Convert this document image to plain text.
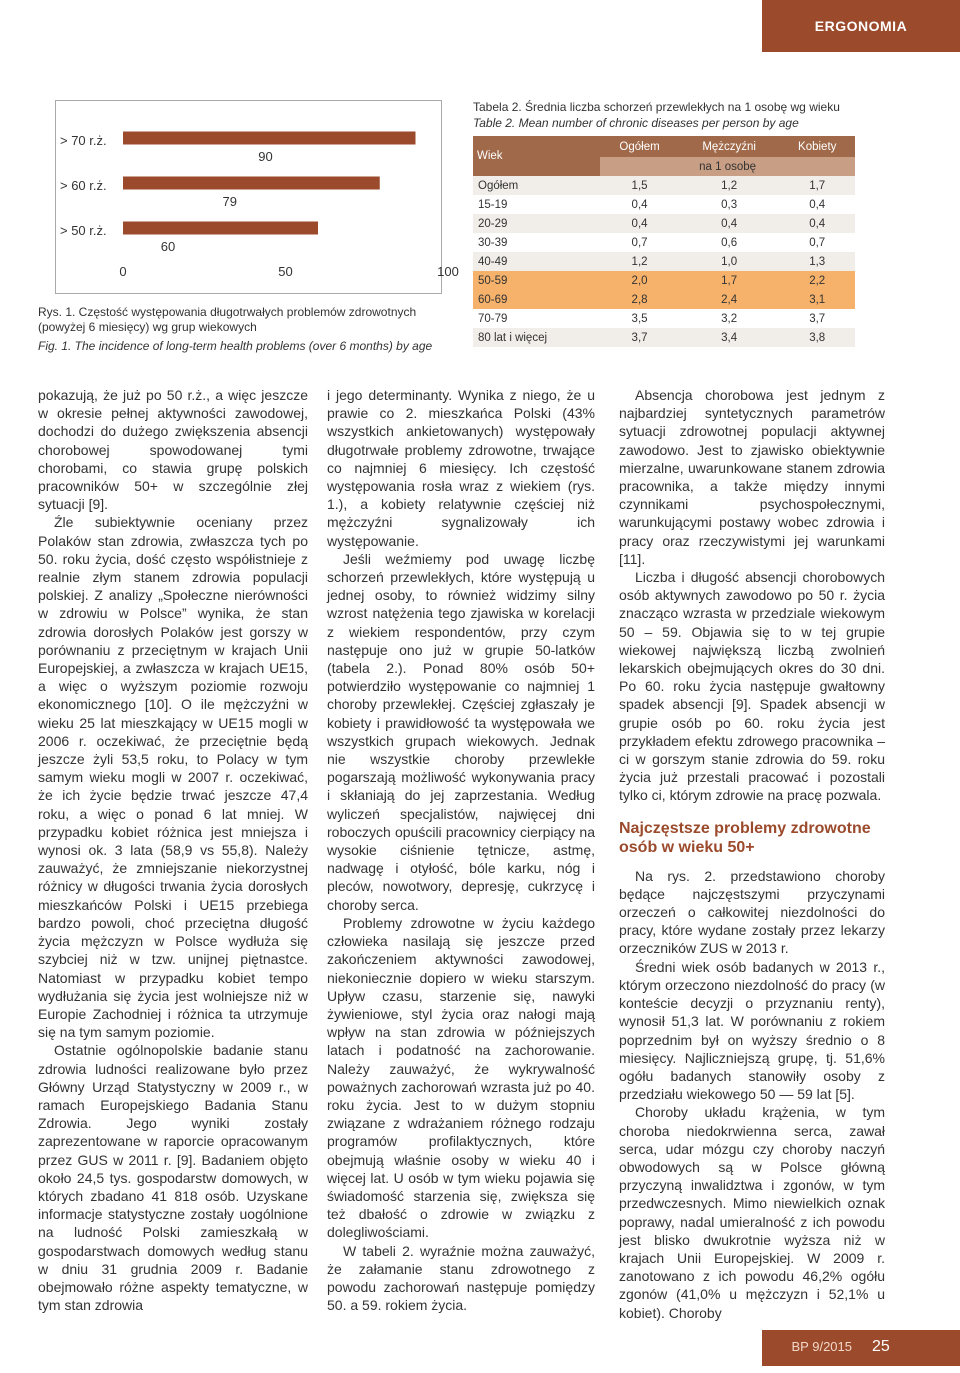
ERGONOMIA
> 70 r.ż.
90
> 60 r.ż.
79
> 50 r.ż.
60
0	50	100
Rys. 1. Częstość występowania długotrwałych problemów zdrowotnych (powyżej 6 miesięcy) wg grup wiekowych
Fig. 1. The incidence of long-term health problems (over 6 months) by age
Tabela 2. Średnia liczba schorzeń przewlekłych na 1 osobę wg wieku
Table 2. Mean number of chronic diseases per person by age
Wiek	Ogółem	Mężczyźni	Kobiety
	na 1 osobę		
Ogółem	1,5	1,2	1,7
15-19	0,4	0,3	0,4
20-29	0,4	0,4	0,4
30-39	0,7	0,6	0,7
40-49	1,2	1,0	1,3
50-59	2,0	1,7	2,2
60-69	2,8	2,4	3,1
70-79	3,5	3,2	3,7
80 lat i więcej	3,7	3,4	3,8

pokazują, że już po 50 r.ż., a więc jeszcze w okresie pełnej aktywności zawodowej, dochodzi do dużego zwiększenia absencji chorobowej spowodowanej tymi chorobami, co stawia grupę polskich pracowników 50+ w szczególnie złej sytuacji [9].

Źle subiektywnie oceniany przez Polaków stan zdrowia, zwłaszcza tych po 50. roku życia, dość często współistnieje z realnie złym stanem zdrowia populacji polskiej. Z analizy „Społeczne nierówności w zdrowiu w Polsce” wynika, że stan zdrowia dorosłych Polaków jest gorszy w porównaniu z przeciętnym w krajach Unii Europejskiej, a zwłaszcza w krajach UE15, a więc o wyższym poziomie rozwoju ekonomicznego [10]. O ile mężczyźni w wieku 25 lat mieszkający w UE15 mogli w 2006 r. oczekiwać, że przeciętnie będą jeszcze żyli 53,5 roku, to Polacy w tym samym wieku mogli w 2007 r. oczekiwać, że ich życie będzie trwać jeszcze 47,4 roku, a więc o ponad 6 lat mniej. W przypadku kobiet różnica jest mniejsza i wynosi ok. 3 lata (58,9 vs 55,8). Należy zauważyć, że zmniejszanie niekorzystnej różnicy w długości trwania życia dorosłych mieszkańców Polski i UE15 przebiega bardzo powoli, choć przeciętna długość życia mężczyzn w Polsce wydłuża się szybciej niż w tzw. unijnej piętnastce. Natomiast w przypadku kobiet tempo wydłużania się życia jest wolniejsze niż w Europie Zachodniej i różnica ta utrzymuje się na tym samym poziomie.

Ostatnie ogólnopolskie badanie stanu zdrowia ludności realizowane było przez Główny Urząd Statystyczny w 2009 r., w ramach Europejskiego Badania Stanu Zdrowia. Jego wyniki zostały zaprezentowane w raporcie opracowanym przez GUS w 2011 r. [9]. Badaniem objęto około 24,5 tys. gospodarstw domowych, w których zbadano 41 818 osób. Uzyskane informacje statystyczne zostały uogólnione na ludność Polski zamieszkałą w gospodarstwach domowych według stanu w dniu 31 grudnia 2009 r. Badanie obejmowało różne aspekty tematyczne, w tym stan zdrowia

i jego determinanty. Wynika z niego, że u prawie co 2. mieszkańca Polski (43% wszystkich ankietowanych) występowały długotrwałe problemy zdrowotne, trwające co najmniej 6 miesięcy. Ich częstość występowania rosła wraz z wiekiem (rys. 1.), a kobiety relatywnie częściej niż mężczyźni sygnalizowały ich występowanie.

Jeśli weźmiemy pod uwagę liczbę schorzeń przewlekłych, które występują u jednej osoby, to również widzimy silny wzrost natężenia tego zjawiska w korelacji z wiekiem respondentów, przy czym następuje ono już w grupie 50-latków (tabela 2.). Ponad 80% osób 50+ potwierdziło występowanie co najmniej 1 choroby przewlekłej. Częściej zgłaszały je kobiety i prawidłowość ta występowała we wszystkich grupach wiekowych. Jednak nie wszystkie choroby przewlekłe pogarszają możliwość wykonywania pracy i skłaniają do jej zaprzestania. Według wyliczeń specjalistów, najwięcej dni roboczych opuścili pracownicy cierpiący na wysokie ciśnienie tętnicze, astmę, nadwagę i otyłość, bóle karku, nóg i pleców, nowotwory, depresję, cukrzycę i choroby serca.

Problemy zdrowotne w życiu każdego człowieka nasilają się jeszcze przed zakończeniem aktywności zawodowej, niekoniecznie dopiero w wieku starszym. Upływ czasu, starzenie się, nawyki żywieniowe, styl życia oraz nałogi mają wpływ na stan zdrowia w późniejszych latach i podatność na zachorowanie. Należy zauważyć, że wykrywalność poważnych zachorowań wzrasta już po 40. roku życia. Jest to w dużym stopniu związane z wdrażaniem różnego rodzaju programów profilaktycznych, które obejmują właśnie osoby w wieku 40 i więcej lat. U osób w tym wieku pojawia się świadomość starzenia się, zwiększa się też dbałość o zdrowie w związku z dolegliwościami.

W tabeli 2. wyraźnie można zauważyć, że załamanie stanu zdrowotnego z powodu zachorowań następuje pomiędzy 50. a 59. rokiem życia.

Absencja chorobowa jest jednym z najbardziej syntetycznych parametrów sytuacji zdrowotnej populacji aktywnej zawodowo. Jest to zjawisko obiektywnie mierzalne, uwarunkowane stanem zdrowia pracownika, a także między innymi czynnikami psychospołecznymi, warunkującymi postawy wobec zdrowia i pracy oraz rzeczywistymi jej warunkami [11].

Liczba i długość absencji chorobowych osób aktywnych zawodowo po 50 r. życia znacząco wzrasta w przedziale wiekowym 50 – 59. Objawia się to w tej grupie wiekowej największą liczbą zwolnień lekarskich obejmujących okres do 30 dni. Po 60. roku życia następuje gwałtowny spadek absencji [9]. Spadek absencji w grupie osób po 60. roku życia jest przykładem efektu zdrowego pracownika – ci w gorszym stanie zdrowia do 59. roku życia już przestali pracować i pozostali tylko ci, którym zdrowie na pracę pozwala.

Najczęstsze problemy zdrowotne osób w wieku 50+

Na rys. 2. przedstawiono choroby będące najczęstszymi przyczynami orzeczeń o całkowitej niezdolności do pracy, które wydane zostały przez lekarzy orzeczników ZUS w 2013 r.

Średni wiek osób badanych w 2013 r., którym orzeczono niezdolność do pracy (w konteście decyzji o przyznaniu renty), wynosił 51,3 lat. W porównaniu z rokiem poprzednim był on wyższy średnio o 8 miesięcy. Najliczniejszą grupę, tj. 51,6% ogółu badanych stanowiły osoby z przedziału wiekowego 50 — 59 lat [5].

Choroby układu krążenia, w tym choroba niedokrwienna serca, zawał serca, udar mózgu czy choroby naczyń obwodowych są w Polsce główną przyczyną inwalidztwa i zgonów, w tym przedwczesnych. Mimo niewielkich oznak poprawy, nadal umieralność z ich powodu jest blisko dwukrotnie wyższa niż w krajach Unii Europejskiej. W 2009 r. zanotowano z ich powodu 46,2% ogółu zgonów (41,0% u mężczyzn i 52,1% u kobiet). Choroby

BP 9/2015 25
